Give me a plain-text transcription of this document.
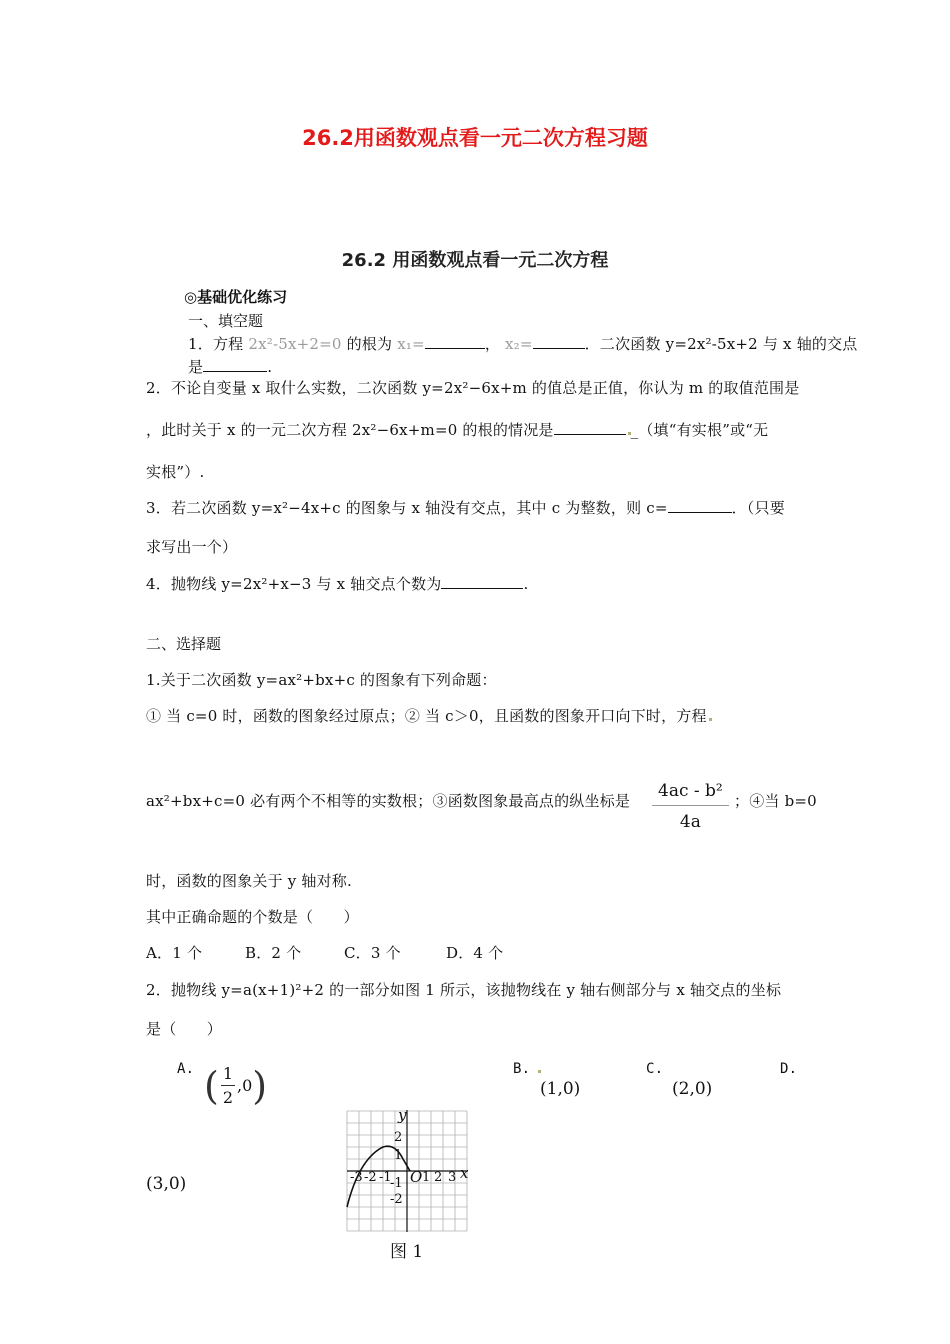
26.2用函数观点看一元二次方程习题
26.2 用函数观点看一元二次方程
◎基础优化练习
一、填空题
1．方程 2x²-5x+2=0 的根为 x₁=	， x₂=	．二次函数 y=2x²-5x+2 与 x 轴的交点
是	.
2．不论自变量 x 取什么实数，二次函数 y=2x²−6x+m 的值总是正值，你认为 m 的取值范围是
，此时关于 x 的一元二次方程 2x²−6x+m=0 的根的情况是	_（填“有实根”或“无
实根”）.
3．若二次函数 y=x²−4x+c 的图象与 x 轴没有交点，其中 c 为整数，则 c=	．（只要
求写出一个）
4．抛物线 y=2x²+x−3 与 x 轴交点个数为	.
二、选择题
1.关于二次函数 y=ax²+bx+c 的图象有下列命题：
① 当 c=0 时，函数的图象经过原点；② 当 c＞0，且函数的图象开口向下时，方程
ax²+bx+c=0 必有两个不相等的实数根；③函数图象最高点的纵坐标是 $\frac{\text{4ac - b²}}{4a}$ ；④当 b=0
时，函数的图象关于 y 轴对称.
其中正确命题的个数是（　　）
A．1 个	B．2 个	C．3 个	D．4 个
2．抛物线 y=a(x+1)²+2 的一部分如图 1 所示，该抛物线在 y 轴右侧部分与 x 轴交点的坐标
是（　　）
A. ( $\frac{1}{2} ,0$ )	B.
(1,0)
C.
(2,0)
D.
(3,0)
y
x
O
2
1
-1
-2
-3 -2 -1 1 2 3
图 1
